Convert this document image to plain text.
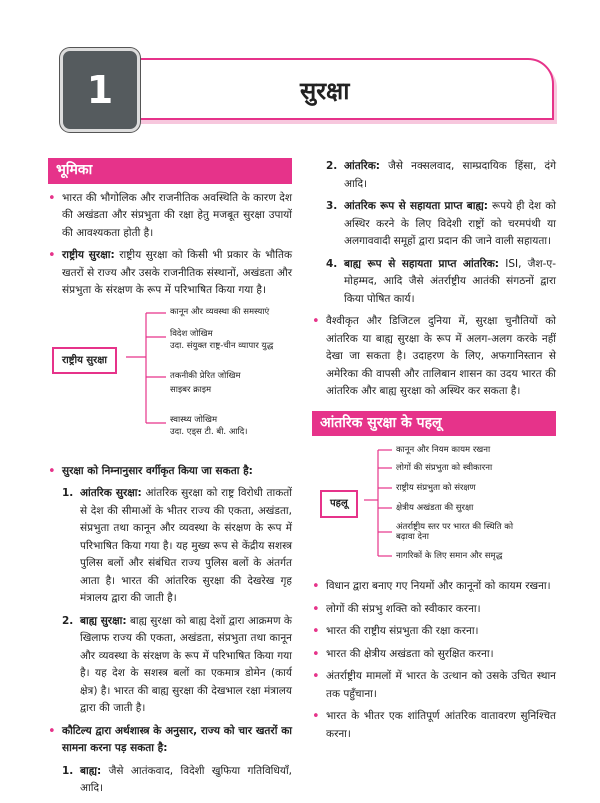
1	सुरक्षा
भूमिका
• भारत की भौगोलिक और राजनीतिक अवस्थिति के कारण देश की अखंडता और संप्रभुता की रक्षा हेतु मजबूत सुरक्षा उपायों की आवश्यकता होती है।
• राष्ट्रीय सुरक्षा: राष्ट्रीय सुरक्षा को किसी भी प्रकार के भौतिक खतरों से राज्य और उसके राजनीतिक संस्थानों, अखंडता और संप्रभुता के संरक्षण के रूप में परिभाषित किया गया है।
राष्ट्रीय सुरक्षा
कानून और व्यवस्था की समस्याएं
विदेश जोखिम
उदा. संयुक्त राष्ट्र-चीन व्यापार युद्ध
तकनीकी प्रेरित जोखिम
साइबर क्राइम
स्वास्थ्य जोखिम
उदा. एड्स टी. बी. आदि।
• सुरक्षा को निम्नानुसार वर्गीकृत किया जा सकता है:
1. आंतरिक सुरक्षा: आंतरिक सुरक्षा को राष्ट्र विरोधी ताकतों से देश की सीमाओं के भीतर राज्य की एकता, अखंडता, संप्रभुता तथा कानून और व्यवस्था के संरक्षण के रूप में परिभाषित किया गया है। यह मुख्य रूप से केंद्रीय सशस्त्र पुलिस बलों और संबंधित राज्य पुलिस बलों के अंतर्गत आता है। भारत की आंतरिक सुरक्षा की देखरेख गृह मंत्रालय द्वारा की जाती है।
2. बाह्य सुरक्षा: बाह्य सुरक्षा को बाह्य देशों द्वारा आक्रमण के खिलाफ राज्य की एकता, अखंडता, संप्रभुता तथा कानून और व्यवस्था के संरक्षण के रूप में परिभाषित किया गया है। यह देश के सशस्त्र बलों का एकमात्र डोमेन (कार्य क्षेत्र) है। भारत की बाह्य सुरक्षा की देखभाल रक्षा मंत्रालय द्वारा की जाती है।
• कौटिल्य द्वारा अर्थशास्त्र के अनुसार, राज्य को चार खतरों का सामना करना पड़ सकता है:
1. बाह्य: जैसे आतंकवाद, विदेशी खुफिया गतिविधियाँ, आदि।
2. आंतरिक: जैसे नक्सलवाद, साम्प्रदायिक हिंसा, दंगे आदि।
3. आंतरिक रूप से सहायता प्राप्त बाह्य: रूपये ही देश को अस्थिर करने के लिए विदेशी राष्ट्रों को चरमपंथी या अलगाववादी समूहों द्वारा प्रदान की जाने वाली सहायता।
4. बाह्य रूप से सहायता प्राप्त आंतरिक: ISI, जैश-ए-मोहम्मद, आदि जैसे अंतर्राष्ट्रीय आतंकी संगठनों द्वारा किया पोषित कार्य।
• वैश्वीकृत और डिजिटल दुनिया में, सुरक्षा चुनौतियों को आंतरिक या बाह्य सुरक्षा के रूप में अलग-अलग करके नहीं देखा जा सकता है। उदाहरण के लिए, अफगानिस्तान से अमेरिका की वापसी और तालिबान शासन का उदय भारत की आंतरिक और बाह्य सुरक्षा को अस्थिर कर सकता है।
आंतरिक सुरक्षा के पहलू
पहलू
कानून और नियम कायम रखना
लोगों की संप्रभुता को स्वीकारना
राष्ट्रीय संप्रभुता को संरक्षण
क्षेत्रीय अखंडता की सुरक्षा
अंतर्राष्ट्रीय स्तर पर भारत की स्थिति को बढ़ावा देना
नागरिकों के लिए समान और समृद्ध
• विधान द्वारा बनाए गए नियमों और कानूनों को कायम रखना।
• लोगों की संप्रभु शक्ति को स्वीकार करना।
• भारत की राष्ट्रीय संप्रभुता की रक्षा करना।
• भारत की क्षेत्रीय अखंडता को सुरक्षित करना।
• अंतर्राष्ट्रीय मामलों में भारत के उत्थान को उसके उचित स्थान तक पहुँचाना।
• भारत के भीतर एक शांतिपूर्ण आंतरिक वातावरण सुनिश्चित करना।
